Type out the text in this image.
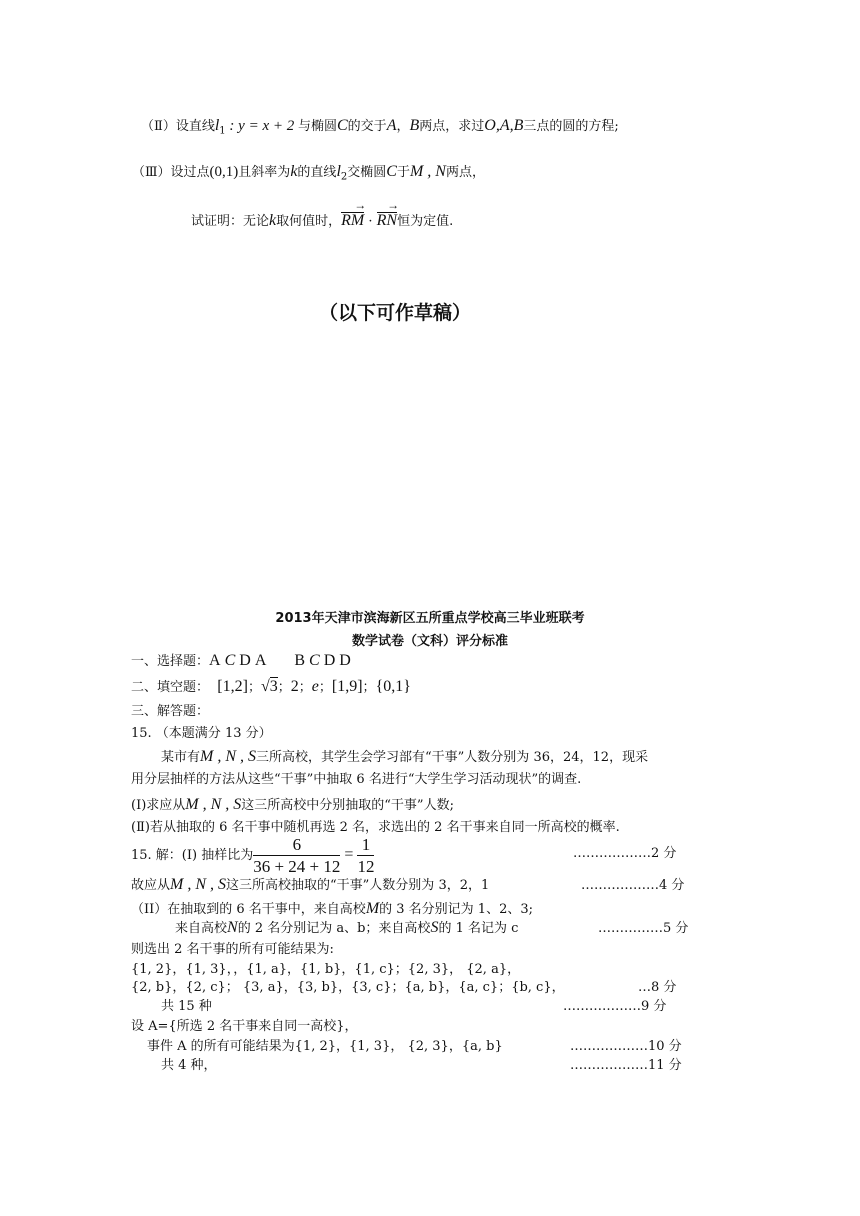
（Ⅱ）设直线$l_1$ : y = x + 2 与椭圆C的交于A，B两点，求过O,A,B三点的圆的方程;
（Ⅲ）设过点(0,1)且斜率为k的直线$l_2$交椭圆C于M , N两点，
试证明：无论k取何值时，→ RM · → RN恒为定值.
（以下可作草稿）
2013年天津市滨海新区五所重点学校高三毕业班联考
数学试卷（文科）评分标准
一、选择题：A C D A B C D D
二、填空题： [1,2]；√3；2；e；[1,9]；{0,1}
三、解答题：
15. （本题满分 13 分）
某市有M , N , S三所高校，其学生会学习部有“干事”人数分别为 36，24，12，现采
用分层抽样的方法从这些“干事”中抽取 6 名进行“大学生学习活动现状”的调查.
(Ⅰ)求应从M , N , S这三所高校中分别抽取的“干事”人数;
(Ⅱ)若从抽取的 6 名干事中随机再选 2 名，求选出的 2 名干事来自同一所高校的概率.
15. 解：(Ⅰ) 抽样比为 $\frac{6}{36 + 24 + 12} = \frac{1}{12}$	………………2 分
故应从M , N , S这三所高校抽取的“干事”人数分别为 3，2，1	………………4 分
（II）在抽取到的 6 名干事中，来自高校M的 3 名分别记为 1、2、3;
来自高校N的 2 名分别记为 a、b；来自高校S的 1 名记为 c	……………5 分
则选出 2 名干事的所有可能结果为:
{1, 2}，{1, 3}，，{1, a}，{1, b}，{1, c}；{2, 3}， {2, a}，
{2, b}，{2, c}； {3, a}，{3, b}，{3, c}；{a, b}，{a, c}；{b, c}，	…8 分
共 15 种	………………9 分
设 A={所选 2 名干事来自同一高校}，
事件 A 的所有可能结果为{1, 2}，{1, 3}， {2, 3}，{a, b}	………………10 分
共 4 种，	………………11 分
